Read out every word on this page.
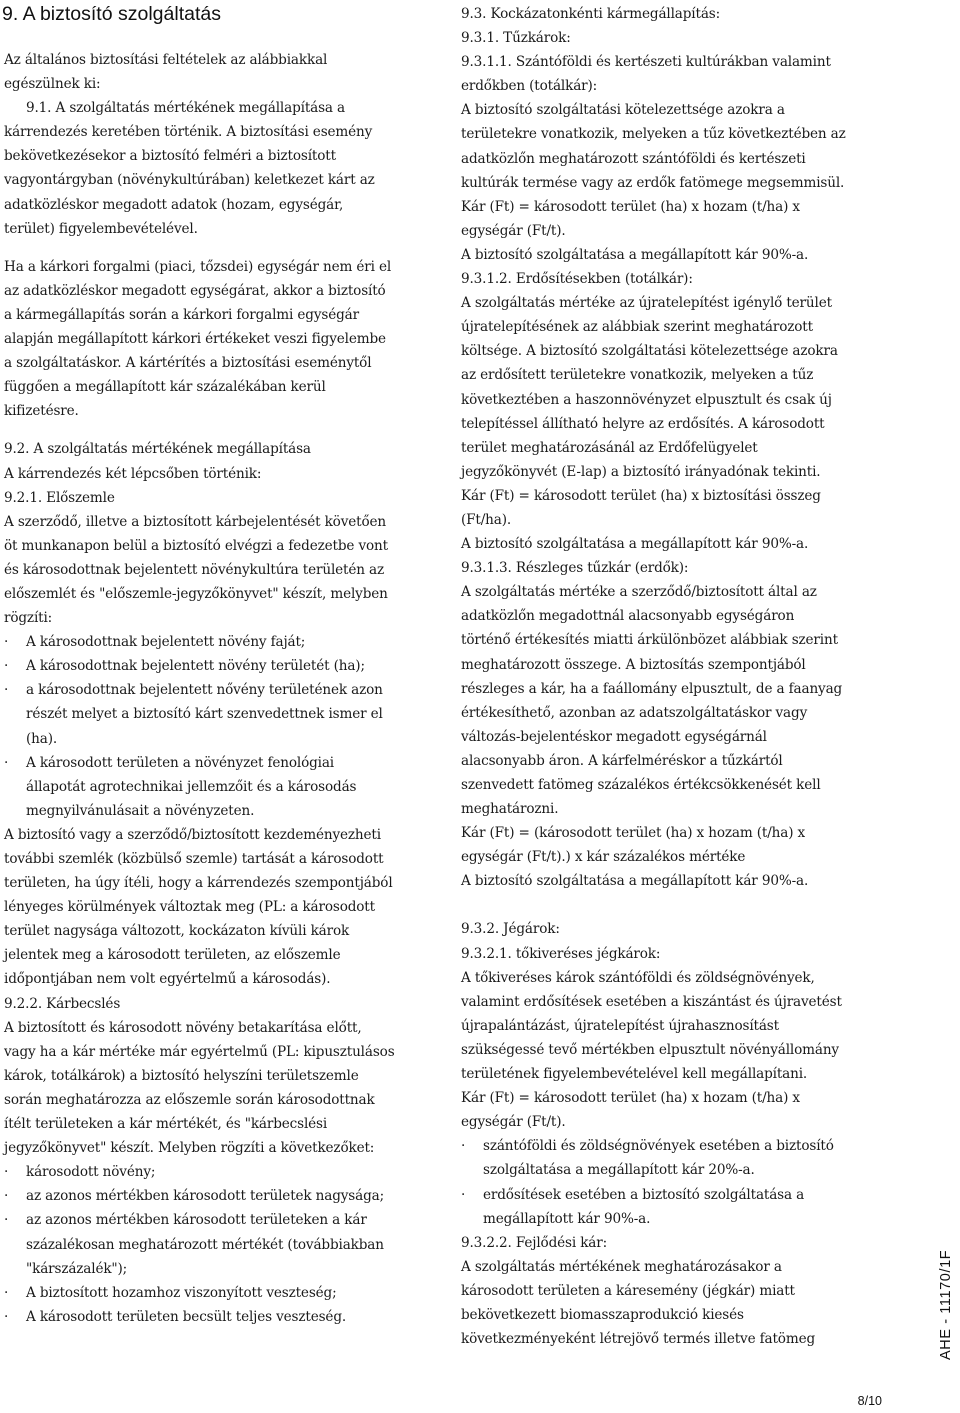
9. A biztosító szolgáltatás
Az általános biztosítási feltételek az alábbiakkal
egészülnek ki:
9.1. A szolgáltatás mértékének megállapítása a
kárrendezés keretében történik. A biztosítási esemény
bekövetkezésekor a biztosító felméri a biztosított
vagyontárgyban (növénykultúrában) keletkezet kárt az
adatközléskor megadott adatok (hozam, egységár,
terület) figyelembevételével.
Ha a kárkori forgalmi (piaci, tőzsdei) egységár nem éri el
az adatközléskor megadott egységárat, akkor a biztosító
a kármegállapítás során a kárkori forgalmi egységár
alapján megállapított kárkori értékeket veszi figyelembe
a szolgáltatáskor. A kártérítés a biztosítási eseménytől
függően a megállapított kár százalékában kerül
kifizetésre.
9.2. A szolgáltatás mértékének megállapítása
A kárrendezés két lépcsőben történik:
9.2.1. Előszemle
A szerződő, illetve a biztosított kárbejelentését követően
öt munkanapon belül a biztosító elvégzi a fedezetbe vont
és károsodottnak bejelentett növénykultúra területén az
előszemlét és "előszemle-jegyzőkönyvet" készít, melyben
rögzíti:
· A károsodottnak bejelentett növény faját;
· A károsodottnak bejelentett növény területét (ha);
· a károsodottnak bejelentett nővény területének azon
részét melyet a biztosító kárt szenvedettnek ismer el
(ha).
· A károsodott területen a növényzet fenológiai
állapotát agrotechnikai jellemzőit és a károsodás
megnyilvánulásait a növényzeten.
A biztosító vagy a szerződő/biztosított kezdeményezheti
további szemlék (közbülső szemle) tartását a károsodott
területen, ha úgy ítéli, hogy a kárrendezés szempontjából
lényeges körülmények változtak meg (PL: a károsodott
terület nagysága változott, kockázaton kívüli károk
jelentek meg a károsodott területen, az előszemle
időpontjában nem volt egyértelmű a károsodás).
9.2.2. Kárbecslés
A biztosított és károsodott növény betakarítása előtt,
vagy ha a kár mértéke már egyértelmű (PL: kipusztulásos
károk, totálkárok) a biztosító helyszíni területszemle
során meghatározza az előszemle során károsodottnak
ítélt területeken a kár mértékét, és "kárbecslési
jegyzőkönyvet" készít. Melyben rögzíti a következőket:
· károsodott növény;
· az azonos mértékben károsodott területek nagysága;
· az azonos mértékben károsodott területeken a kár
százalékosan meghatározott mértékét (továbbiakban
"kárszázalék");
· A biztosított hozamhoz viszonyított veszteség;
· A károsodott területen becsült teljes veszteség.
9.3. Kockázatonkénti kármegállapítás:
9.3.1. Tűzkárok:
9.3.1.1. Szántóföldi és kertészeti kultúrákban valamint
erdőkben (totálkár):
A biztosító szolgáltatási kötelezettsége azokra a
területekre vonatkozik, melyeken a tűz következtében az
adatközlőn meghatározott szántóföldi és kertészeti
kultúrák termése vagy az erdők fatömege megsemmisül.
Kár (Ft) = károsodott terület (ha) x hozam (t/ha) x
egységár (Ft/t).
A biztosító szolgáltatása a megállapított kár 90%-a.
9.3.1.2. Erdősítésekben (totálkár):
A szolgáltatás mértéke az újratelepítést igénylő terület
újratelepítésének az alábbiak szerint meghatározott
költsége. A biztosító szolgáltatási kötelezettsége azokra
az erdősített területekre vonatkozik, melyeken a tűz
következtében a haszonnövényzet elpusztult és csak új
telepítéssel állítható helyre az erdősítés. A károsodott
terület meghatározásánál az Erdőfelügyelet
jegyzőkönyvét (E-lap) a biztosító irányadónak tekinti.
Kár (Ft) = károsodott terület (ha) x biztosítási összeg
(Ft/ha).
A biztosító szolgáltatása a megállapított kár 90%-a.
9.3.1.3. Részleges tűzkár (erdők):
A szolgáltatás mértéke a szerződő/biztosított által az
adatközlőn megadottnál alacsonyabb egységáron
történő értékesítés miatti árkülönbözet alábbiak szerint
meghatározott összege. A biztosítás szempontjából
részleges a kár, ha a faállomány elpusztult, de a faanyag
értékesíthető, azonban az adatszolgáltatáskor vagy
változás-bejelentéskor megadott egységárnál
alacsonyabb áron. A kárfelméréskor a tűzkártól
szenvedett fatömeg százalékos értékcsökkenését kell
meghatározni.
Kár (Ft) = (károsodott terület (ha) x hozam (t/ha) x
egységár (Ft/t).) x kár százalékos mértéke
A biztosító szolgáltatása a megállapított kár 90%-a.
9.3.2. Jégárok:
9.3.2.1. tőkiveréses jégkárok:
A tőkiveréses károk szántóföldi és zöldségnövények,
valamint erdősítések esetében a kiszántást és újravetést
újrapalántázást, újratelepítést újrahasznosítást
szükségessé tevő mértékben elpusztult növényállomány
területének figyelembevételével kell megállapítani.
Kár (Ft) = károsodott terület (ha) x hozam (t/ha) x
egységár (Ft/t).
· szántóföldi és zöldségnövények esetében a biztosító
szolgáltatása a megállapított kár 20%-a.
· erdősítések esetében a biztosító szolgáltatása a
megállapított kár 90%-a.
9.3.2.2. Fejlődési kár:
A szolgáltatás mértékének meghatározásakor a
károsodott területen a káresemény (jégkár) miatt
bekövetkezett biomasszaprodukció kiesés
következményeként létrejövő termés illetve fatömeg	AHE - 11170/1F
8/10
